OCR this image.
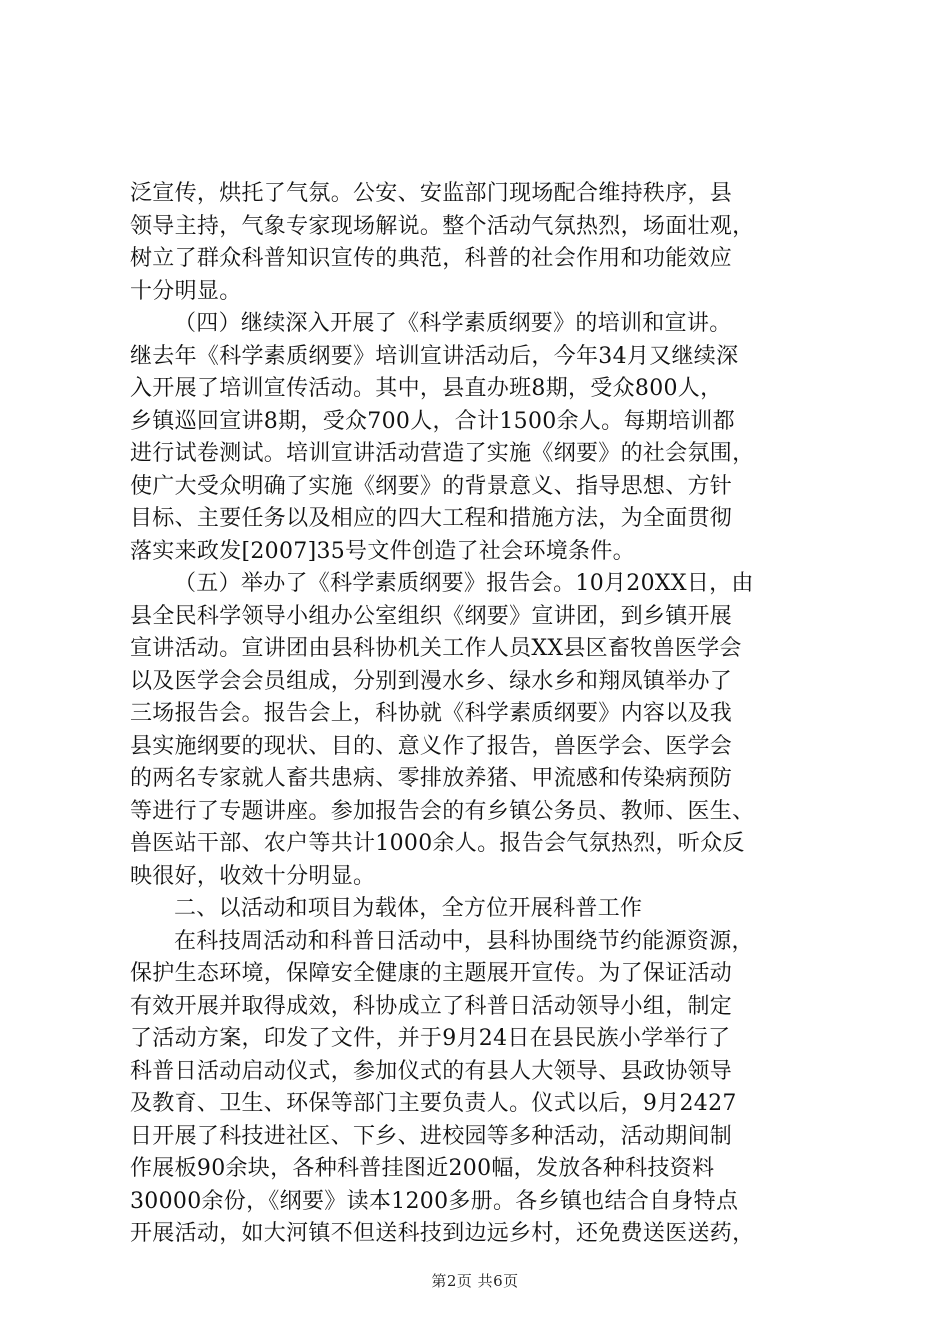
泛宣传，烘托了气氛。公安、安监部门现场配合维持秩序，县
领导主持，气象专家现场解说。整个活动气氛热烈，场面壮观，
树立了群众科普知识宣传的典范，科普的社会作用和功能效应
十分明显。
（四）继续深入开展了《科学素质纲要》的培训和宣讲。
继去年《科学素质纲要》培训宣讲活动后，今年34月又继续深
入开展了培训宣传活动。其中，县直办班8期，受众800人，
乡镇巡回宣讲8期，受众700人，合计1500余人。每期培训都
进行试卷测试。培训宣讲活动营造了实施《纲要》的社会氛围，
使广大受众明确了实施《纲要》的背景意义、指导思想、方针
目标、主要任务以及相应的四大工程和措施方法，为全面贯彻
落实来政发[2007]35号文件创造了社会环境条件。
（五）举办了《科学素质纲要》报告会。10月20XX日，由
县全民科学领导小组办公室组织《纲要》宣讲团，到乡镇开展
宣讲活动。宣讲团由县科协机关工作人员XX县区畜牧兽医学会
以及医学会会员组成，分别到漫水乡、绿水乡和翔凤镇举办了
三场报告会。报告会上，科协就《科学素质纲要》内容以及我
县实施纲要的现状、目的、意义作了报告，兽医学会、医学会
的两名专家就人畜共患病、零排放养猪、甲流感和传染病预防
等进行了专题讲座。参加报告会的有乡镇公务员、教师、医生、
兽医站干部、农户等共计1000余人。报告会气氛热烈，听众反
映很好，收效十分明显。
二、以活动和项目为载体，全方位开展科普工作
在科技周活动和科普日活动中，县科协围绕节约能源资源，
保护生态环境，保障安全健康的主题展开宣传。为了保证活动
有效开展并取得成效，科协成立了科普日活动领导小组，制定
了活动方案，印发了文件，并于9月24日在县民族小学举行了
科普日活动启动仪式，参加仪式的有县人大领导、县政协领导
及教育、卫生、环保等部门主要负责人。仪式以后，9月2427
日开展了科技进社区、下乡、进校园等多种活动，活动期间制
作展板90余块，各种科普挂图近200幅，发放各种科技资料
30000余份，《纲要》读本1200多册。各乡镇也结合自身特点
开展活动，如大河镇不但送科技到边远乡村，还免费送医送药，
第2页 共6页
